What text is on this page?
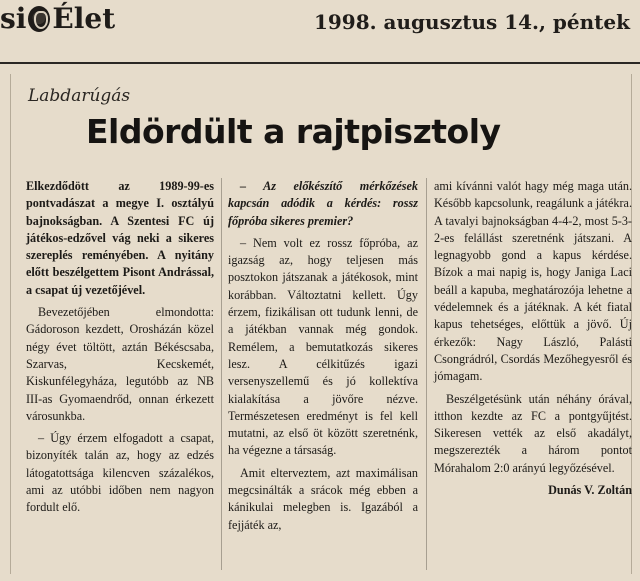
si Élet	1998. augusztus 14., péntek
Labdarúgás
Eldördült a rajtpisztoly

Elkezdődött az 1989-99-es pontvadászat a megye I. osztályú bajnokságban. A Szentesi FC új játékos-edzővel vág neki a sikeres szereplés reményében. A nyitány előtt beszélgettem Pisont Andrással, a csapat új vezetőjével.

Bevezetőjében elmondotta: Gádoroson kezdett, Orosházán közel négy évet töltött, aztán Békéscsaba, Szarvas, Kecskemét, Kiskunfélegyháza, legutóbb az NB III-as Gyomaendrőd, onnan érkezett városunkba.

– Úgy érzem elfogadott a csapat, bizonyíték talán az, hogy az edzés látogatottsága kilencven százalékos, ami az utóbbi időben nem nagyon fordult elő.

– Az előkészítő mérkőzések kapcsán adódik a kérdés: rossz főpróba sikeres premier?

– Nem volt ez rossz főpróba, az igazság az, hogy teljesen más posztokon játszanak a játékosok, mint korábban. Változtatni kellett. Úgy érzem, fizikálisan ott tudunk lenni, de a játékban vannak még gondok. Remélem, a bemutatkozás sikeres lesz. A célkitűzés igazi versenyszellemű és jó kollektíva kialakítása a jövőre nézve. Természetesen eredményt is fel kell mutatni, az első öt között szeretnénk, ha végezne a társaság.

Amit elterveztem, azt maximálisan megcsinálták a srácok még ebben a kánikulai melegben is. Igazából a fejjáték az,

ami kívánni valót hagy még maga után. Később kapcsolunk, reagálunk a játékra. A tavalyi bajnokságban 4-4-2, most 5-3-2-es felállást szeretnénk játszani. A legnagyobb gond a kapus kérdése. Bízok a mai napig is, hogy Janiga Laci beáll a kapuba, meghatározója lehetne a védelemnek és a játéknak. A két fiatal kapus tehetséges, előttük a jövő. Új érkezők: Nagy László, Palásti Csongrádról, Csordás Mezőhegyesről és jómagam.

Beszélgetésünk után néhány órával, itthon kezdte az FC a pontgyűjtést. Sikeresen vették az első akadályt, megszerezték a három pontot Mórahalom 2:0 arányú legyőzésével.

Dunás V. Zoltán
